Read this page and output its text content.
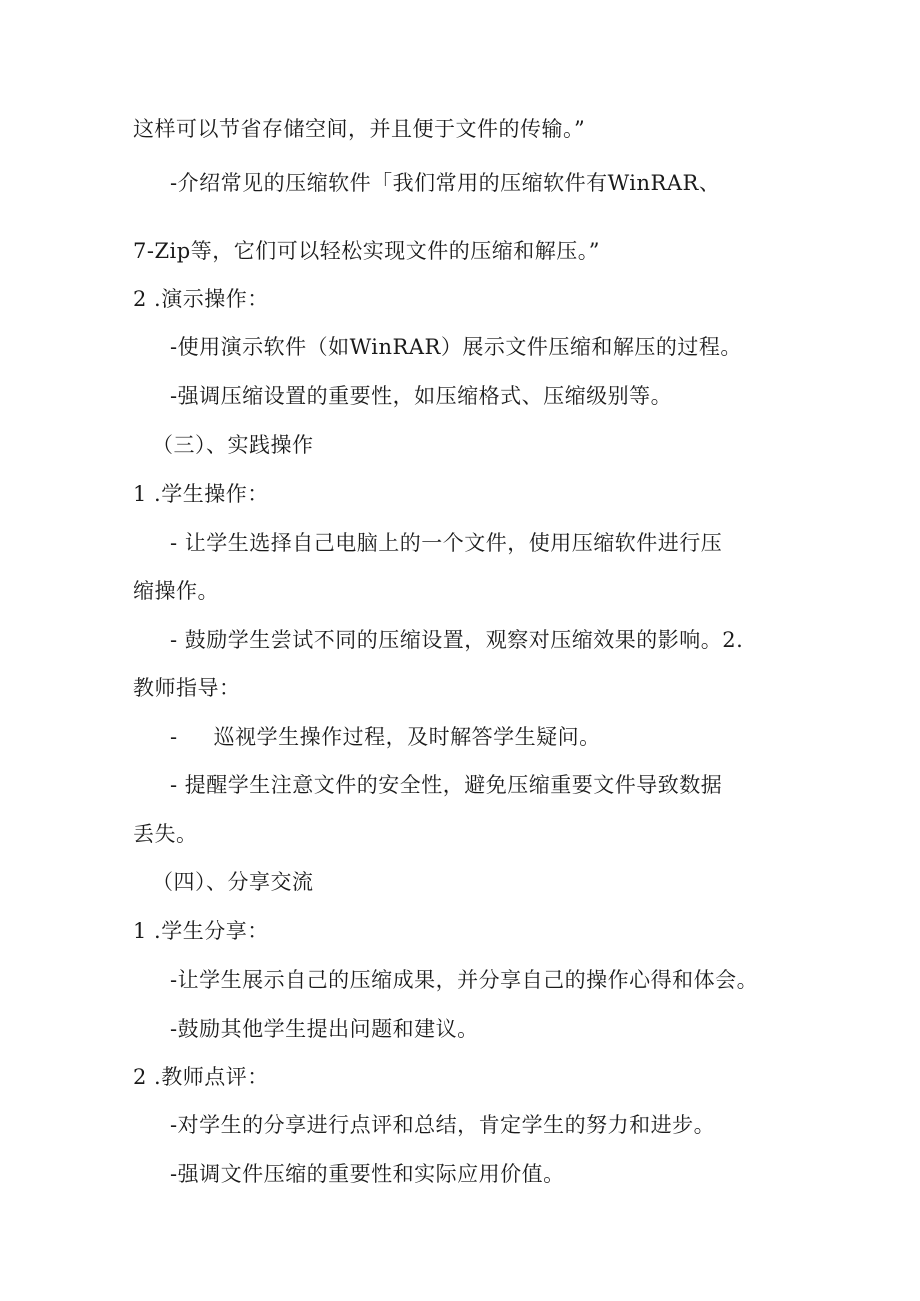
这样可以节省存储空间，并且便于文件的传输。”
-介绍常见的压缩软件「我们常用的压缩软件有WinRAR、
7-Zip等，它们可以轻松实现文件的压缩和解压。”
2 .演示操作：
-使用演示软件（如WinRAR）展示文件压缩和解压的过程。
-强调压缩设置的重要性，如压缩格式、压缩级别等。
（三）、实践操作
1 .学生操作：
- 让学生选择自己电脑上的一个文件，使用压缩软件进行压
缩操作。
- 鼓励学生尝试不同的压缩设置，观察对压缩效果的影响。2.
教师指导：
- 巡视学生操作过程，及时解答学生疑问。
- 提醒学生注意文件的安全性，避免压缩重要文件导致数据
丢失。
（四）、分享交流
1 .学生分享：
-让学生展示自己的压缩成果，并分享自己的操作心得和体会。
-鼓励其他学生提出问题和建议。
2 .教师点评：
-对学生的分享进行点评和总结，肯定学生的努力和进步。
-强调文件压缩的重要性和实际应用价值。
